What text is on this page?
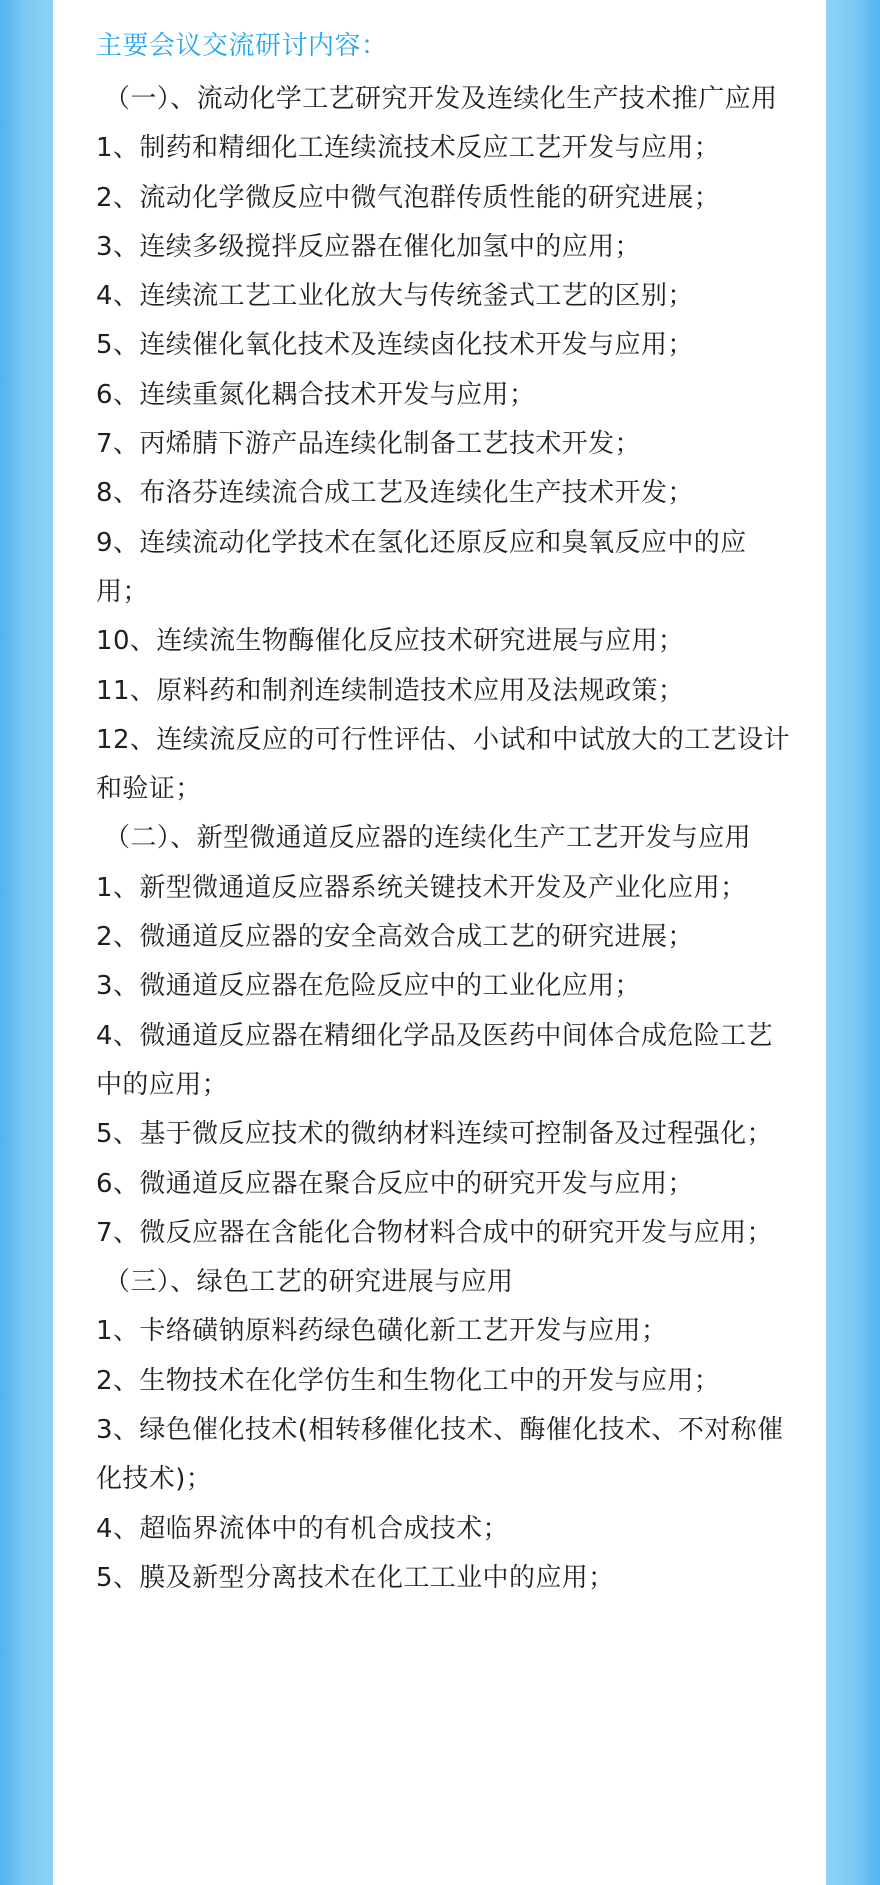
主要会议交流研讨内容：

（一）、流动化学工艺研究开发及连续化生产技术推广应用

1、制药和精细化工连续流技术反应工艺开发与应用；

2、流动化学微反应中微气泡群传质性能的研究进展；

3、连续多级搅拌反应器在催化加氢中的应用；

4、连续流工艺工业化放大与传统釜式工艺的区别；

5、连续催化氧化技术及连续卤化技术开发与应用；

6、连续重氮化耦合技术开发与应用；

7、丙烯腈下游产品连续化制备工艺技术开发；

8、布洛芬连续流合成工艺及连续化生产技术开发；

9、连续流动化学技术在氢化还原反应和臭氧反应中的应用；

10、连续流生物酶催化反应技术研究进展与应用；

11、原料药和制剂连续制造技术应用及法规政策；

12、连续流反应的可行性评估、小试和中试放大的工艺设计和验证；

（二）、新型微通道反应器的连续化生产工艺开发与应用

1、新型微通道反应器系统关键技术开发及产业化应用；

2、微通道反应器的安全高效合成工艺的研究进展；

3、微通道反应器在危险反应中的工业化应用；

4、微通道反应器在精细化学品及医药中间体合成危险工艺中的应用；

5、基于微反应技术的微纳材料连续可控制备及过程强化；

6、微通道反应器在聚合反应中的研究开发与应用；

7、微反应器在含能化合物材料合成中的研究开发与应用；

（三）、绿色工艺的研究进展与应用

1、卡络磺钠原料药绿色磺化新工艺开发与应用；

2、生物技术在化学仿生和生物化工中的开发与应用；

3、绿色催化技术(相转移催化技术、酶催化技术、不对称催化技术)；

4、超临界流体中的有机合成技术；

5、膜及新型分离技术在化工工业中的应用；
